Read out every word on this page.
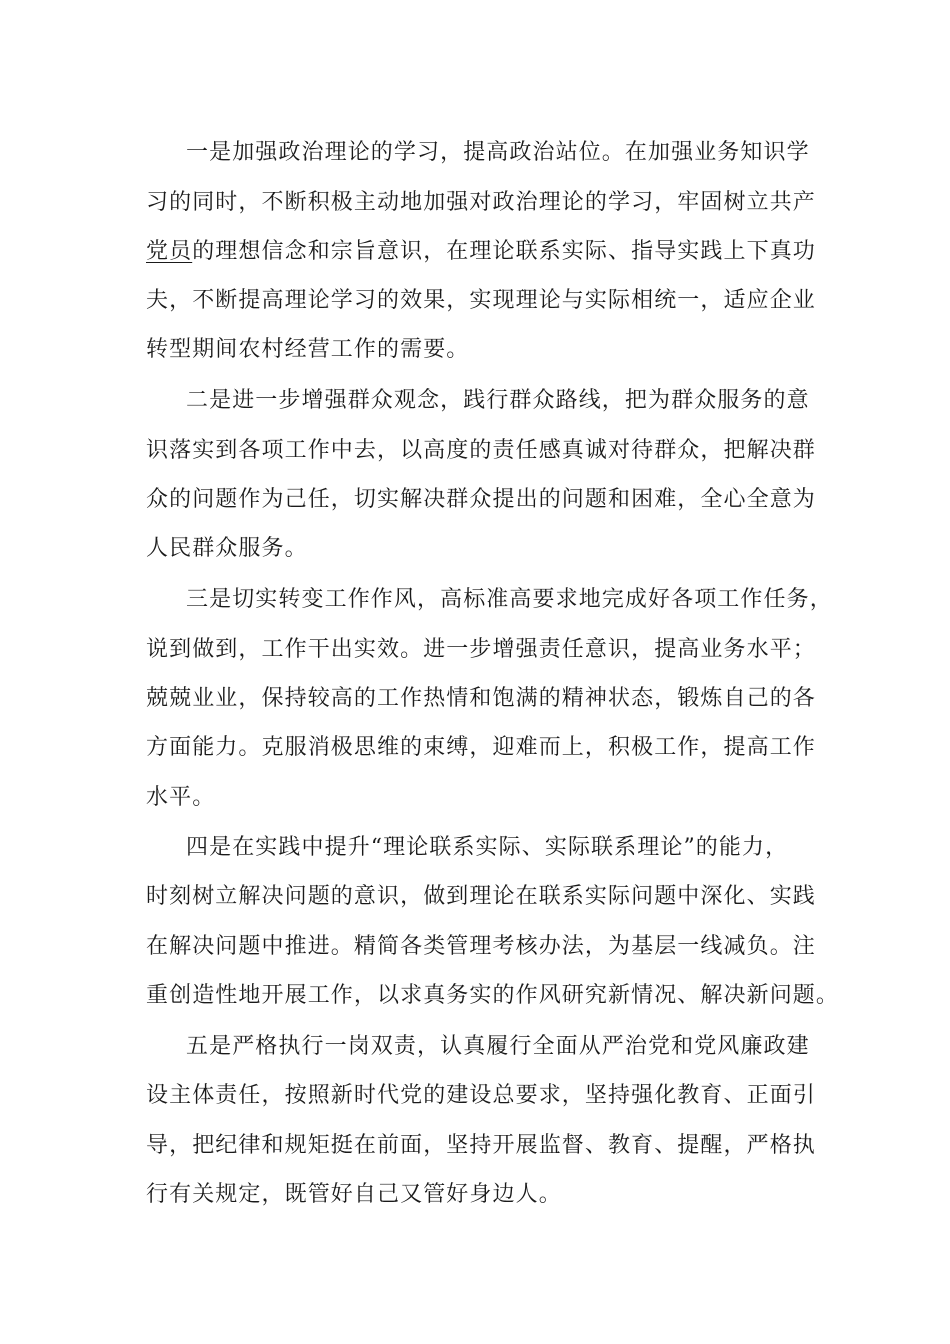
一是加强政治理论的学习，提高政治站位。在加强业务知识学
习的同时，不断积极主动地加强对政治理论的学习，牢固树立共产
党员的理想信念和宗旨意识，在理论联系实际、指导实践上下真功
夫，不断提高理论学习的效果，实现理论与实际相统一，适应企业
转型期间农村经营工作的需要。
二是进一步增强群众观念，践行群众路线，把为群众服务的意
识落实到各项工作中去，以高度的责任感真诚对待群众，把解决群
众的问题作为己任，切实解决群众提出的问题和困难，全心全意为
人民群众服务。
三是切实转变工作作风，高标准高要求地完成好各项工作任务，
说到做到，工作干出实效。进一步增强责任意识，提高业务水平；
兢兢业业，保持较高的工作热情和饱满的精神状态，锻炼自己的各
方面能力。克服消极思维的束缚，迎难而上，积极工作，提高工作
水平。
四是在实践中提升“理论联系实际、实际联系理论”的能力，
时刻树立解决问题的意识，做到理论在联系实际问题中深化、实践
在解决问题中推进。精简各类管理考核办法，为基层一线减负。注
重创造性地开展工作，以求真务实的作风研究新情况、解决新问题。
五是严格执行一岗双责，认真履行全面从严治党和党风廉政建
设主体责任，按照新时代党的建设总要求，坚持强化教育、正面引
导，把纪律和规矩挺在前面，坚持开展监督、教育、提醒，严格执
行有关规定，既管好自己又管好身边人。
